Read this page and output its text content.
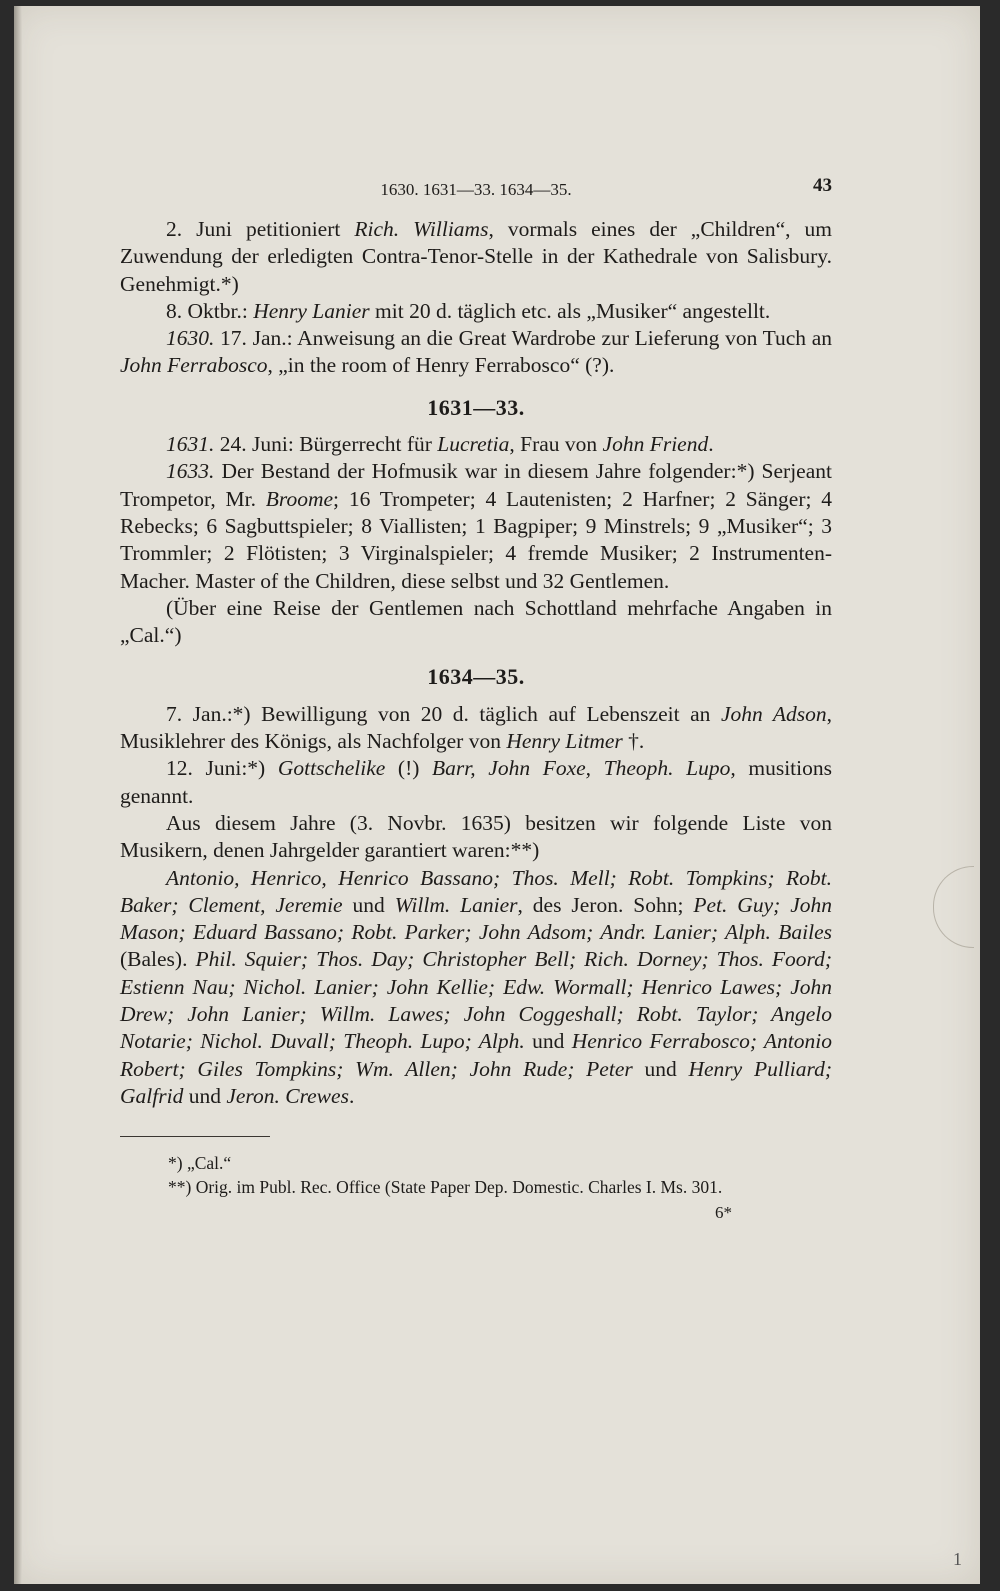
1630. 1631—33. 1634—35.	43

2. Juni petitioniert Rich. Williams, vormals eines der „Children“, um Zuwendung der erledigten Contra-Tenor-Stelle in der Kathedrale von Salisbury. Genehmigt.*)

8. Oktbr.: Henry Lanier mit 20 d. täglich etc. als „Musiker“ angestellt.

1630. 17. Jan.: Anweisung an die Great Wardrobe zur Lieferung von Tuch an John Ferrabosco, „in the room of Henry Ferrabosco“ (?).

1631—33.

1631. 24. Juni: Bürgerrecht für Lucretia, Frau von John Friend.

1633. Der Bestand der Hofmusik war in diesem Jahre folgender:*) Serjeant Trompetor, Mr. Broome; 16 Trompeter; 4 Lautenisten; 2 Harfner; 2 Sänger; 4 Rebecks; 6 Sagbuttspieler; 8 Viallisten; 1 Bagpiper; 9 Minstrels; 9 „Musiker“; 3 Trommler; 2 Flötisten; 3 Virginalspieler; 4 fremde Musiker; 2 Instrumenten-Macher. Master of the Children, diese selbst und 32 Gentlemen.

(Über eine Reise der Gentlemen nach Schottland mehrfache Angaben in „Cal.“)

1634—35.

7. Jan.:*) Bewilligung von 20 d. täglich auf Lebenszeit an John Adson, Musiklehrer des Königs, als Nachfolger von Henry Litmer †.

12. Juni:*) Gottschelike (!) Barr, John Foxe, Theoph. Lupo, musitions genannt.

Aus diesem Jahre (3. Novbr. 1635) besitzen wir folgende Liste von Musikern, denen Jahrgelder garantiert waren:**)

Antonio, Henrico, Henrico Bassano; Thos. Mell; Robt. Tompkins; Robt. Baker; Clement, Jeremie und Willm. Lanier, des Jeron. Sohn; Pet. Guy; John Mason; Eduard Bassano; Robt. Parker; John Adsom; Andr. Lanier; Alph. Bailes (Bales). Phil. Squier; Thos. Day; Christopher Bell; Rich. Dorney; Thos. Foord; Estienn Nau; Nichol. Lanier; John Kellie; Edw. Wormall; Henrico Lawes; John Drew; John Lanier; Willm. Lawes; John Coggeshall; Robt. Taylor; Angelo Notarie; Nichol. Duvall; Theoph. Lupo; Alph. und Henrico Ferrabosco; Antonio Robert; Giles Tompkins; Wm. Allen; John Rude; Peter und Henry Pulliard; Galfrid und Jeron. Crewes.

*) „Cal.“

**) Orig. im Publ. Rec. Office (State Paper Dep. Domestic. Charles I. Ms. 301.

6*
1
